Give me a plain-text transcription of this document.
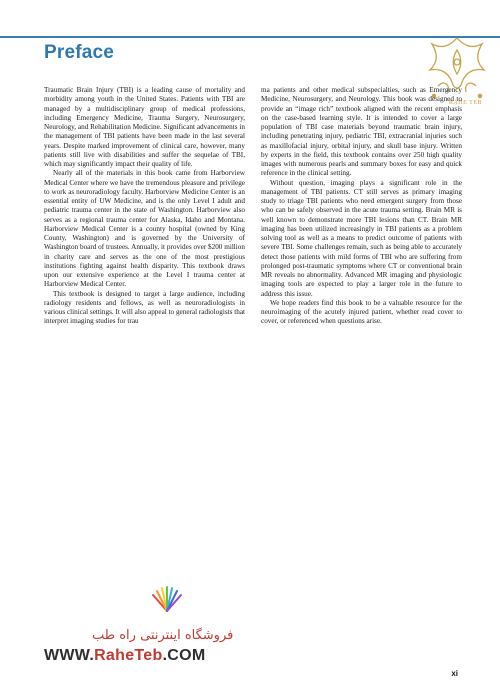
Preface
RAHE TEB

Traumatic Brain Injury (TBI) is a leading cause of mortality and morbidity among youth in the United States. Patients with TBI are managed by a multidisciplinary group of medical professions, including Emergency Medicine, Trauma Surgery, Neurosurgery, Neurology, and Rehabilitation Medicine. Significant advancements in the management of TBI patients have been made in the last several years. Despite marked improvement of clinical care, however, many patients still live with disabilities and suffer the sequelae of TBI, which may significantly impact their quality of life.

Nearly all of the materials in this book came from Harborview Medical Center where we have the tremendous pleasure and privilege to work as neuroradiology faculty. Harborview Medicine Center is an essential entity of UW Medicine, and is the only Level I adult and pediatric trauma center in the state of Washington. Harborview also serves as a regional trauma center for Alaska, Idaho and Montana. Harborview Medical Center is a county hospital (owned by King County, Washington) and is governed by the University of Washington board of trustees. Annually, it provides over $200 million in charity care and serves as the one of the most prestigious institutions fighting against health disparity. This textbook draws upon our extensive experience at the Level I trauma center at Harborview Medical Center.

This textbook is designed to target a large audience, including radiology residents and fellows, as well as neuroradiologists in various clinical settings. It will also appeal to general radiologists that interpret imaging studies for trau

ma patients and other medical subspecialties, such as Emergency Medicine, Neurosurgery, and Neurology. This book was designed to provide an “image rich” textbook aligned with the recent emphasis on the case-based learning style. It is intended to cover a large population of TBI case materials beyond traumatic brain injury, including penetrating injury, pediatric TBI, extracranial injuries such as maxillofacial injury, orbital injury, and skull base injury. Written by experts in the field, this textbook contains over 250 high quality images with numerous pearls and summary boxes for easy and quick reference in the clinical setting.

Without question, imaging plays a significant role in the management of TBI patients. CT still serves as primary imaging study to triage TBI patients who need emergent surgery from those who can be safely observed in the acute trauma setting. Brain MR is well known to demonstrate more TBI lesions than CT. Brain MR imaging has been utilized increasingly in TBI patients as a problem solving tool as well as a means to predict outcome of patients with severe TBI. Some challenges remain, such as being able to accurately detect those patients with mild forms of TBI who are suffering from prolonged post-traumatic symptoms where CT or conventional brain MR reveals no abnormality. Advanced MR imaging and physiologic imaging tools are expected to play a larger role in the future to address this issue.

We hope readers find this book to be a valuable resource for the neuroimaging of the acutely injured patient, whether read cover to cover, or referenced when questions arise.

فروشگاه اینترنتی راه طب
WWW.RaheTeb.COM
xi
